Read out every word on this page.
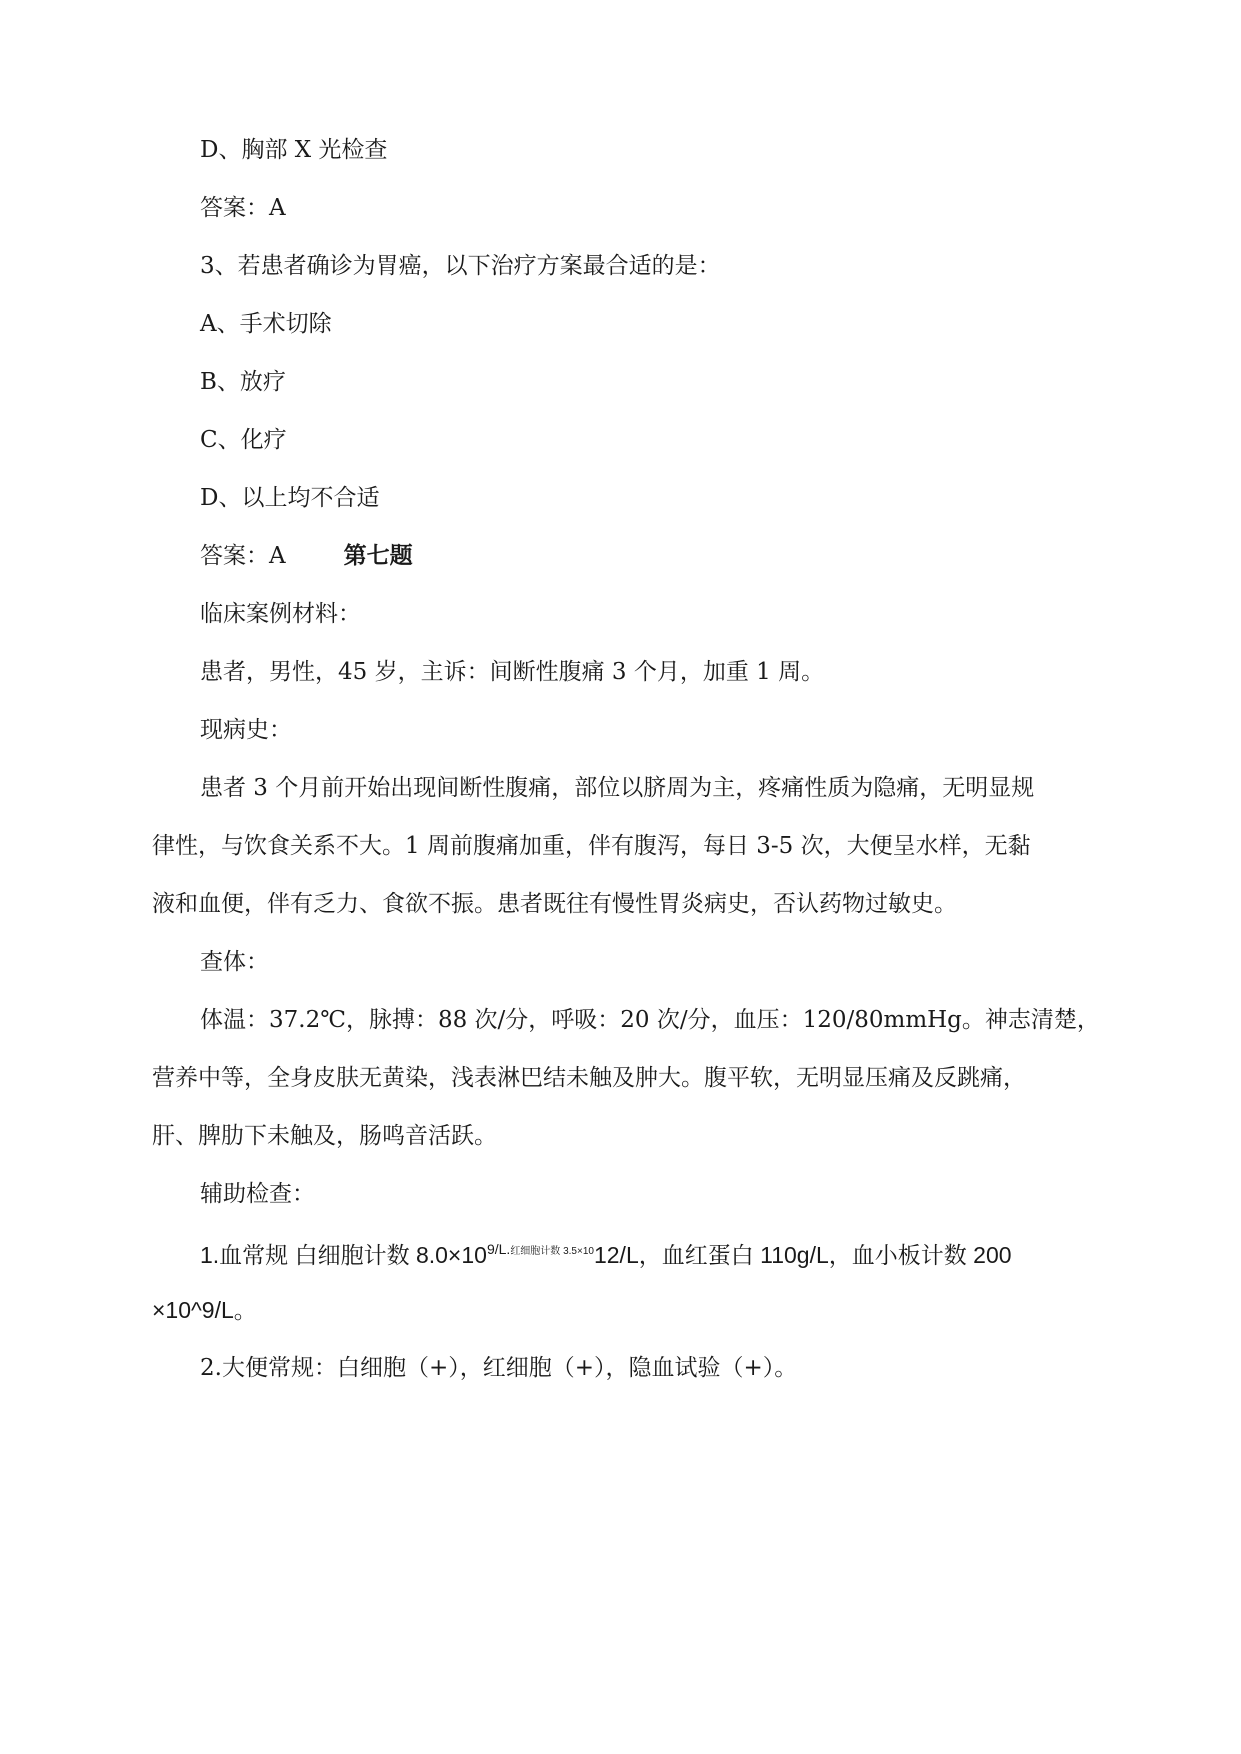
D、胸部 X 光检查

答案：A

3、若患者确诊为胃癌，以下治疗方案最合适的是：

A、手术切除

B、放疗

C、化疗

D、以上均不合适

答案：A	第七题

临床案例材料：

患者，男性，45 岁，主诉：间断性腹痛 3 个月，加重 1 周。

现病史：

患者 3 个月前开始出现间断性腹痛，部位以脐周为主，疼痛性质为隐痛，无明显规

律性，与饮食关系不大。1 周前腹痛加重，伴有腹泻，每日 3-5 次，大便呈水样，无黏

液和血便，伴有乏力、食欲不振。患者既往有慢性胃炎病史，否认药物过敏史。

查体：

体温：37.2℃，脉搏：88 次/分，呼吸：20 次/分，血压：120/80mmHg。神志清楚，

营养中等，全身皮肤无黄染，浅表淋巴结未触及肿大。腹平软，无明显压痛及反跳痛，

肝、脾肋下未触及，肠鸣音活跃。

辅助检查：

1.血常规 白细胞计数 8.0×10$^{9/L.红细胞计数}$ $^{3.5\times 10}$12/L，血红蛋白 110g/L，血小板计数 200

×10^9/L。

2.大便常规：白细胞（+），红细胞（+），隐血试验（+）。
